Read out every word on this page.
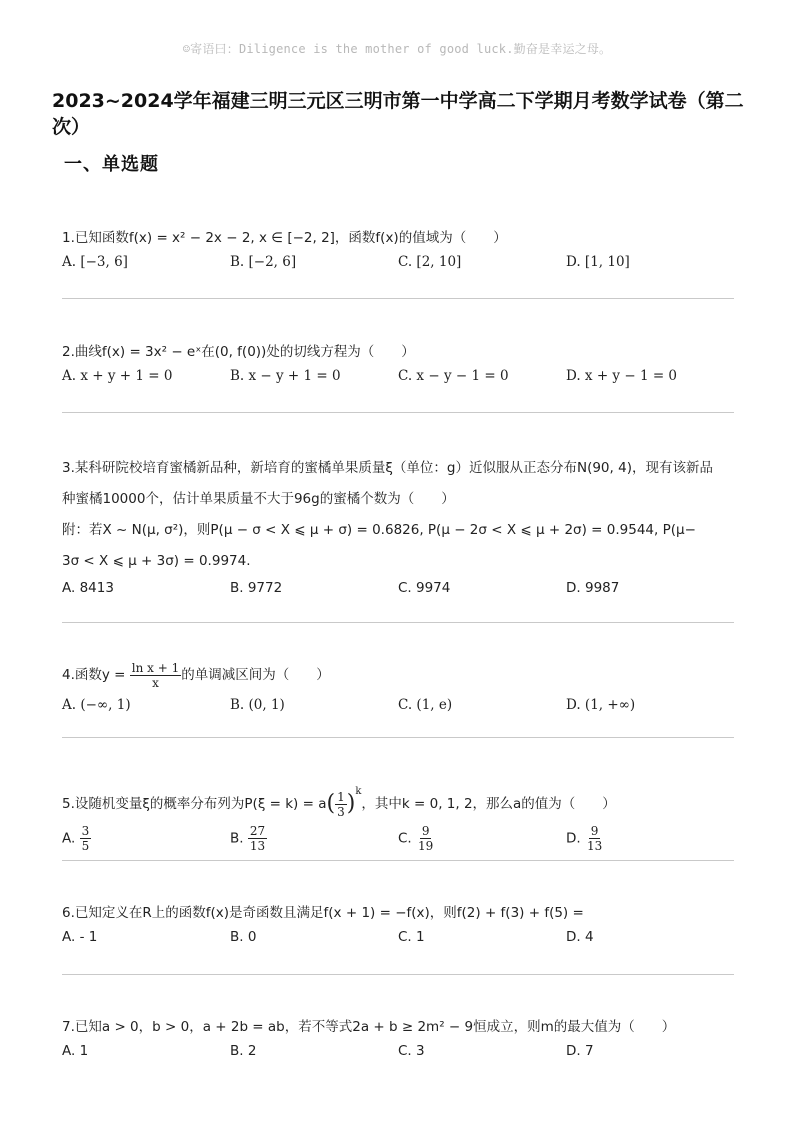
☺寄语曰：Diligence is the mother of good luck.勤奋是幸运之母。
2023~2024学年福建三明三元区三明市第一中学高二下学期月考数学试卷（第二次）
一、单选题
1.已知函数f(x) = x² − 2x − 2, x ∈ [−2, 2]，函数f(x)的值域为（　　）
A. [−3, 6]	B. [−2, 6]	C. [2, 10]	D. [1, 10]
2.曲线f(x) = 3x² − eˣ在(0, f(0))处的切线方程为（　　）
A. x + y + 1 = 0	B. x − y + 1 = 0	C. x − y − 1 = 0	D. x + y − 1 = 0
3.某科研院校培育蜜橘新品种，新培育的蜜橘单果质量ξ（单位：g）近似服从正态分布N(90, 4)，现有该新品
种蜜橘10000个，估计单果质量不大于96g的蜜橘个数为（　　）
附：若X ~ N(μ, σ²)，则P(μ − σ < X ⩽ μ + σ) = 0.6826, P(μ − 2σ < X ⩽ μ + 2σ) = 0.9544, P(μ−
3σ < X ⩽ μ + 3σ) = 0.9974.
A. 8413	B. 9772	C. 9974	D. 9987
4.函数$y = \frac{\text{ln x + 1}}{x}$ 的单调减区间为（　　）
A. (−∞, 1)	B. (0, 1)	C. (1, e)	D. (1, +∞)
5.设随机变量ξ的概率分布列为$P(\xi = k) = a( \frac{1}{3} )^k$，其中k = 0, 1, 2，那么a的值为（　　）
A. $\frac{3}{5}$	B. $\frac{27}{13}$	C. $\frac{9}{19}$	D. $\frac{9}{13}$
6.已知定义在R上的函数f(x)是奇函数且满足f(x + 1) = −f(x)，则f(2) + f(3) + f(5) =
A. - 1	B. 0	C. 1	D. 4
7.已知a > 0，b > 0，a + 2b = ab，若不等式2a + b ≥ 2m² − 9恒成立，则m的最大值为（　　）
A. 1	B. 2	C. 3	D. 7
